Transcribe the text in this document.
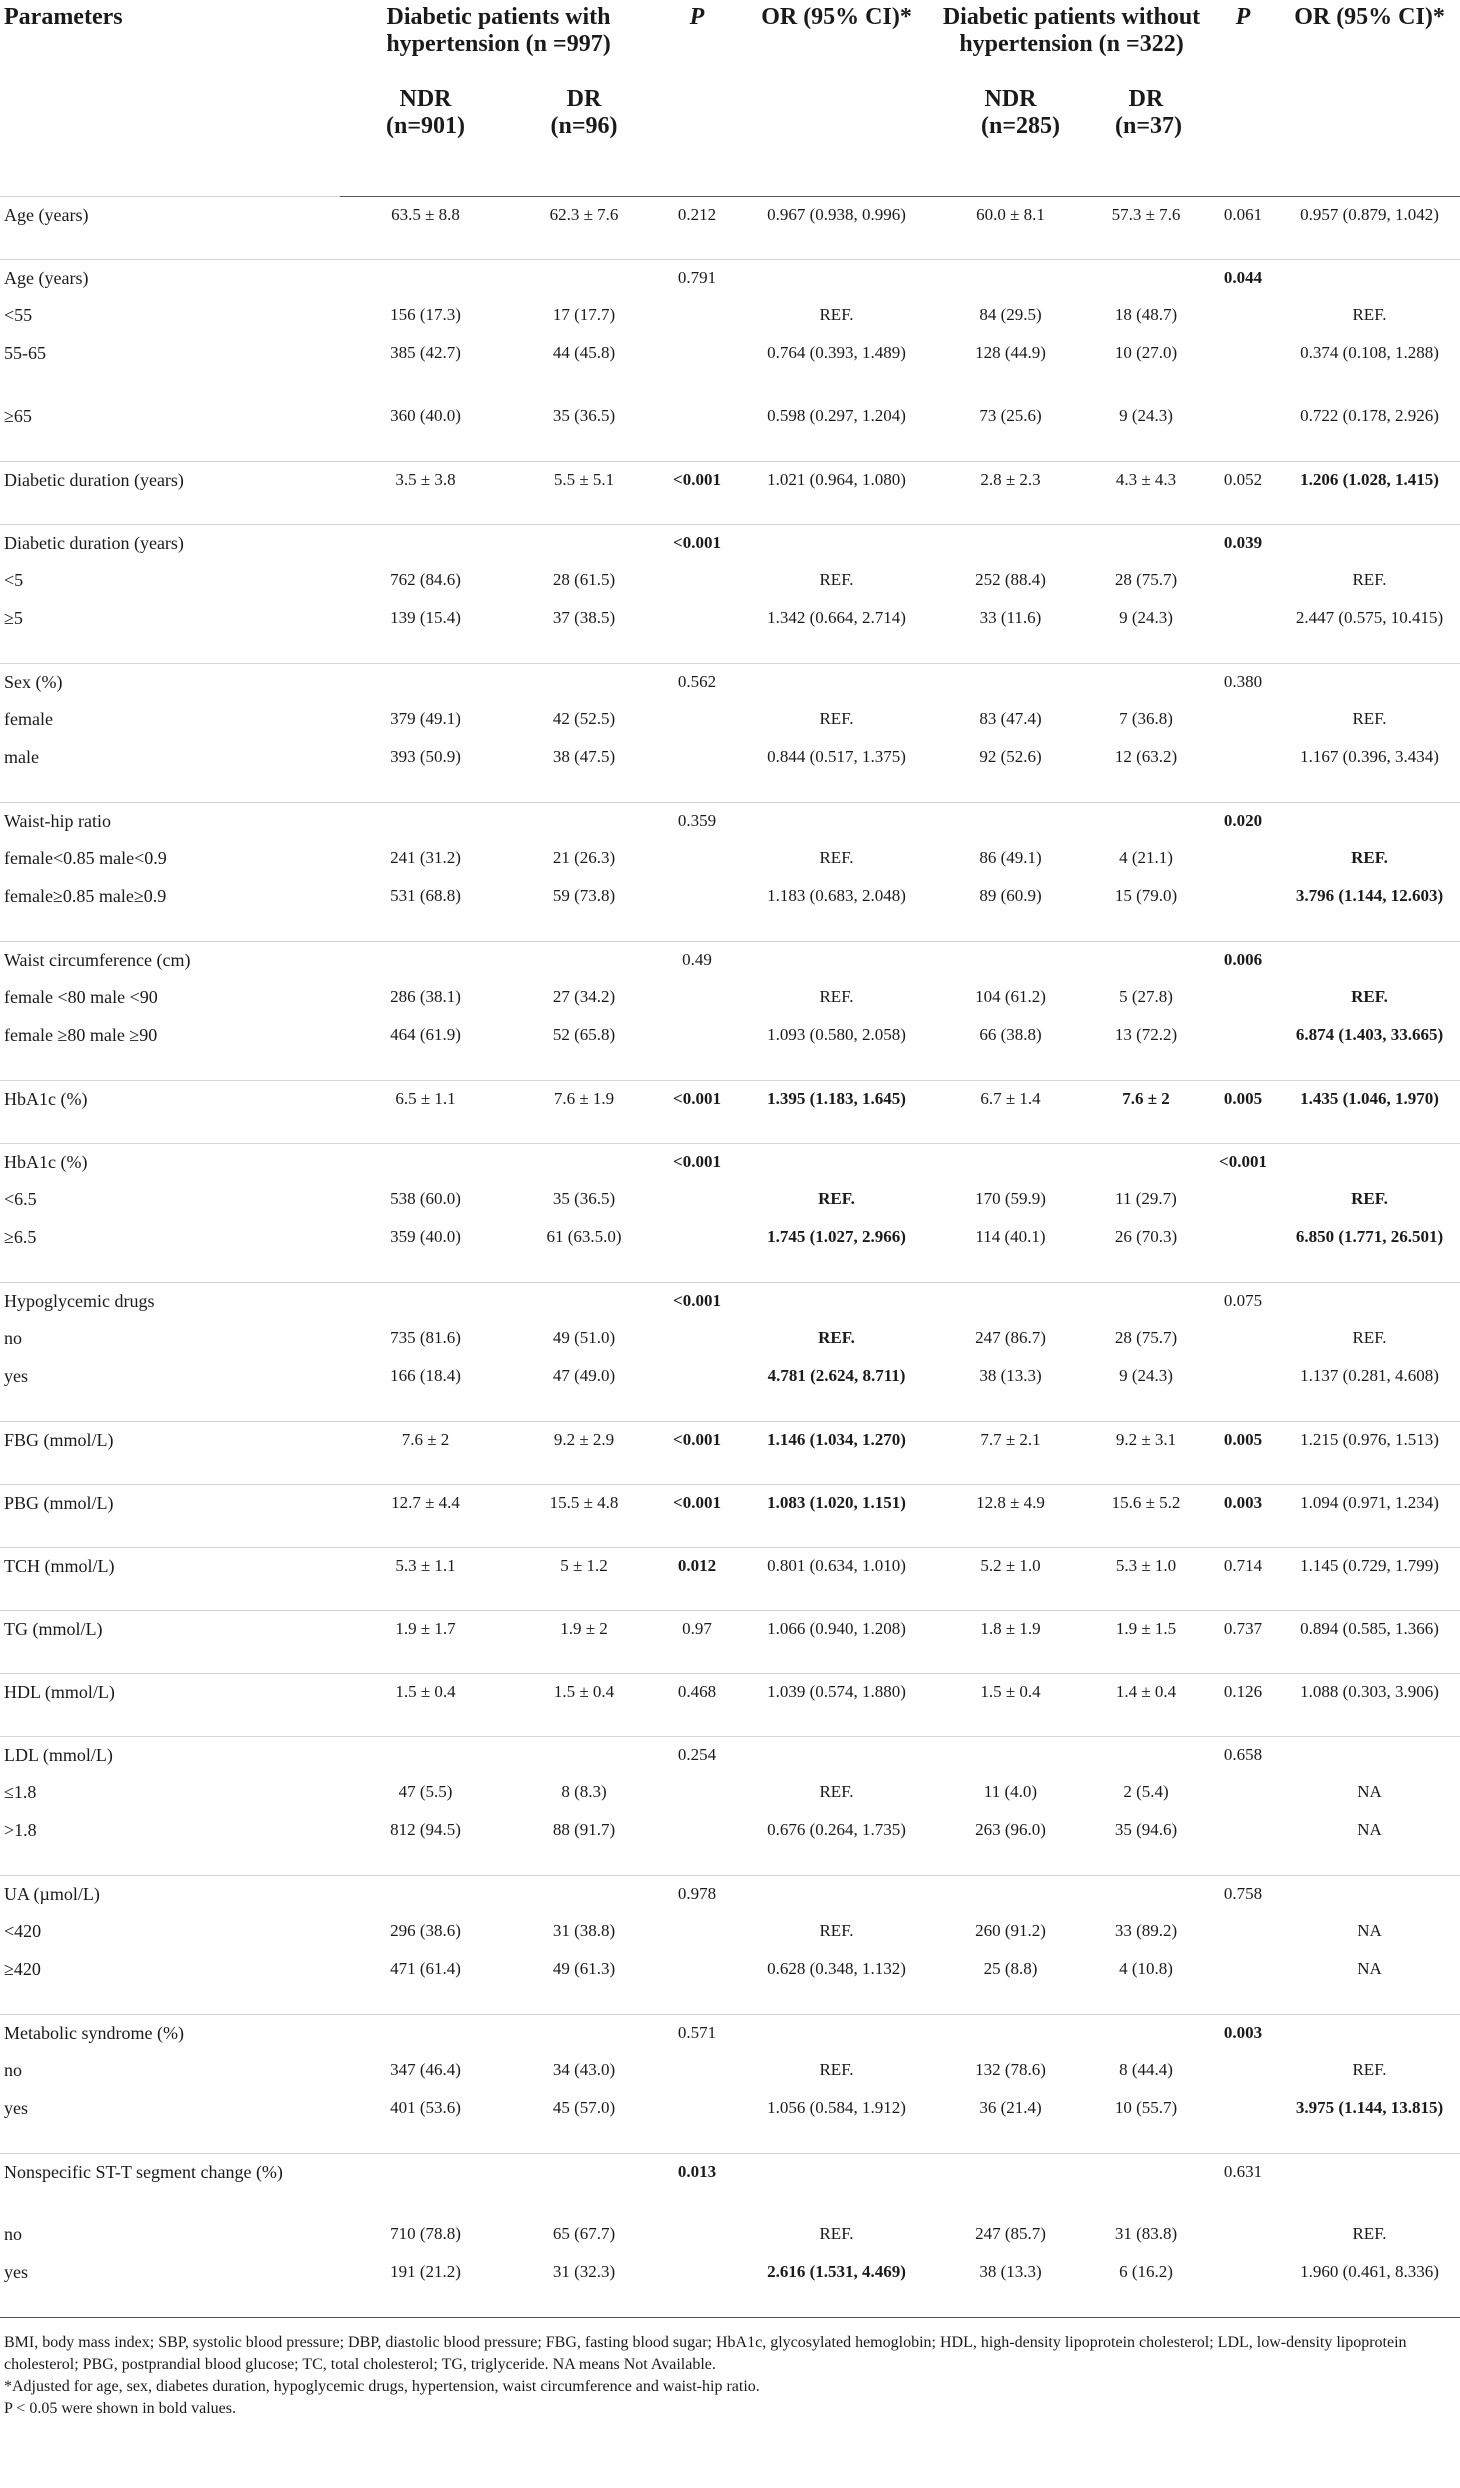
Parameters	Diabetic patients with hypertension (n =997)		P	OR (95% CI)*	Diabetic patients without hypertension (n =322)		P	OR (95% CI)*
	NDR (n=901)	DR (n=96)			NDR (n=285)	DR (n=37)		
Age (years)	63.5 ± 8.8	62.3 ± 7.6	0.212	0.967 (0.938, 0.996)	60.0 ± 8.1	57.3 ± 7.6	0.061	0.957 (0.879, 1.042)
Age (years)			0.791				0.044	
<55	156 (17.3)	17 (17.7)		REF.	84 (29.5)	18 (48.7)		REF.
55-65	385 (42.7)	44 (45.8)		0.764 (0.393, 1.489)	128 (44.9)	10 (27.0)		0.374 (0.108, 1.288)
≥65	360 (40.0)	35 (36.5)		0.598 (0.297, 1.204)	73 (25.6)	9 (24.3)		0.722 (0.178, 2.926)
Diabetic duration (years)	3.5 ± 3.8	5.5 ± 5.1	<0.001	1.021 (0.964, 1.080)	2.8 ± 2.3	4.3 ± 4.3	0.052	1.206 (1.028, 1.415)
Diabetic duration (years)			<0.001				0.039	
<5	762 (84.6)	28 (61.5)		REF.	252 (88.4)	28 (75.7)		REF.
≥5	139 (15.4)	37 (38.5)		1.342 (0.664, 2.714)	33 (11.6)	9 (24.3)		2.447 (0.575, 10.415)
Sex (%)			0.562				0.380	
female	379 (49.1)	42 (52.5)		REF.	83 (47.4)	7 (36.8)		REF.
male	393 (50.9)	38 (47.5)		0.844 (0.517, 1.375)	92 (52.6)	12 (63.2)		1.167 (0.396, 3.434)
Waist-hip ratio			0.359				0.020	
female<0.85 male<0.9	241 (31.2)	21 (26.3)		REF.	86 (49.1)	4 (21.1)		REF.
female≥0.85 male≥0.9	531 (68.8)	59 (73.8)		1.183 (0.683, 2.048)	89 (60.9)	15 (79.0)		3.796 (1.144, 12.603)
Waist circumference (cm)			0.49				0.006	
female <80 male <90	286 (38.1)	27 (34.2)		REF.	104 (61.2)	5 (27.8)		REF.
female ≥80 male ≥90	464 (61.9)	52 (65.8)		1.093 (0.580, 2.058)	66 (38.8)	13 (72.2)		6.874 (1.403, 33.665)
HbA1c (%)	6.5 ± 1.1	7.6 ± 1.9	<0.001	1.395 (1.183, 1.645)	6.7 ± 1.4	7.6 ± 2	0.005	1.435 (1.046, 1.970)
HbA1c (%)			<0.001				<0.001	
<6.5	538 (60.0)	35 (36.5)		REF.	170 (59.9)	11 (29.7)		REF.
≥6.5	359 (40.0)	61 (63.5.0)		1.745 (1.027, 2.966)	114 (40.1)	26 (70.3)		6.850 (1.771, 26.501)
Hypoglycemic drugs			<0.001				0.075	
no	735 (81.6)	49 (51.0)		REF.	247 (86.7)	28 (75.7)		REF.
yes	166 (18.4)	47 (49.0)		4.781 (2.624, 8.711)	38 (13.3)	9 (24.3)		1.137 (0.281, 4.608)
FBG (mmol/L)	7.6 ± 2	9.2 ± 2.9	<0.001	1.146 (1.034, 1.270)	7.7 ± 2.1	9.2 ± 3.1	0.005	1.215 (0.976, 1.513)
PBG (mmol/L)	12.7 ± 4.4	15.5 ± 4.8	<0.001	1.083 (1.020, 1.151)	12.8 ± 4.9	15.6 ± 5.2	0.003	1.094 (0.971, 1.234)
TCH (mmol/L)	5.3 ± 1.1	5 ± 1.2	0.012	0.801 (0.634, 1.010)	5.2 ± 1.0	5.3 ± 1.0	0.714	1.145 (0.729, 1.799)
TG (mmol/L)	1.9 ± 1.7	1.9 ± 2	0.97	1.066 (0.940, 1.208)	1.8 ± 1.9	1.9 ± 1.5	0.737	0.894 (0.585, 1.366)
HDL (mmol/L)	1.5 ± 0.4	1.5 ± 0.4	0.468	1.039 (0.574, 1.880)	1.5 ± 0.4	1.4 ± 0.4	0.126	1.088 (0.303, 3.906)
LDL (mmol/L)			0.254				0.658	
≤1.8	47 (5.5)	8 (8.3)		REF.	11 (4.0)	2 (5.4)		NA
>1.8	812 (94.5)	88 (91.7)		0.676 (0.264, 1.735)	263 (96.0)	35 (94.6)		NA
UA (µmol/L)			0.978				0.758	
<420	296 (38.6)	31 (38.8)		REF.	260 (91.2)	33 (89.2)		NA
≥420	471 (61.4)	49 (61.3)		0.628 (0.348, 1.132)	25 (8.8)	4 (10.8)		NA
Metabolic syndrome (%)			0.571				0.003	
no	347 (46.4)	34 (43.0)		REF.	132 (78.6)	8 (44.4)		REF.
yes	401 (53.6)	45 (57.0)		1.056 (0.584, 1.912)	36 (21.4)	10 (55.7)		3.975 (1.144, 13.815)
Nonspecific ST-T segment change (%)			0.013				0.631	
no	710 (78.8)	65 (67.7)		REF.	247 (85.7)	31 (83.8)		REF.
yes	191 (21.2)	31 (32.3)		2.616 (1.531, 4.469)	38 (13.3)	6 (16.2)		1.960 (0.461, 8.336)

BMI, body mass index; SBP, systolic blood pressure; DBP, diastolic blood pressure; FBG, fasting blood sugar; HbA1c, glycosylated hemoglobin; HDL, high-density lipoprotein cholesterol; LDL, low-density lipoprotein cholesterol; PBG, postprandial blood glucose; TC, total cholesterol; TG, triglyceride. NA means Not Available.

*Adjusted for age, sex, diabetes duration, hypoglycemic drugs, hypertension, waist circumference and waist-hip ratio.

P < 0.05 were shown in bold values.
